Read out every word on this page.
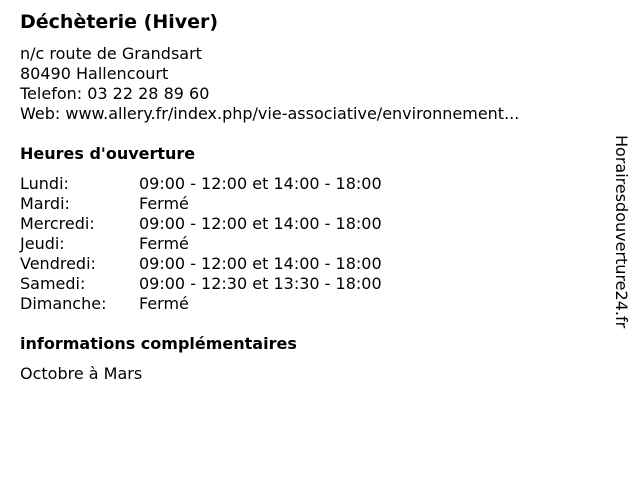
Déchèterie (Hiver)
n/c route de Grandsart
80490 Hallencourt
Telefon: 03 22 28 89 60
Web: www.allery.fr/index.php/vie-associative/environnement...
Heures d'ouverture
Lundi:	09:00 - 12:00 et 14:00 - 18:00
Mardi:	Fermé
Mercredi:	09:00 - 12:00 et 14:00 - 18:00
Jeudi:	Fermé
Vendredi:	09:00 - 12:00 et 14:00 - 18:00
Samedi:	09:00 - 12:30 et 13:30 - 18:00
Dimanche:	Fermé
informations complémentaires
Octobre à Mars
Horairesdouverture24.fr
